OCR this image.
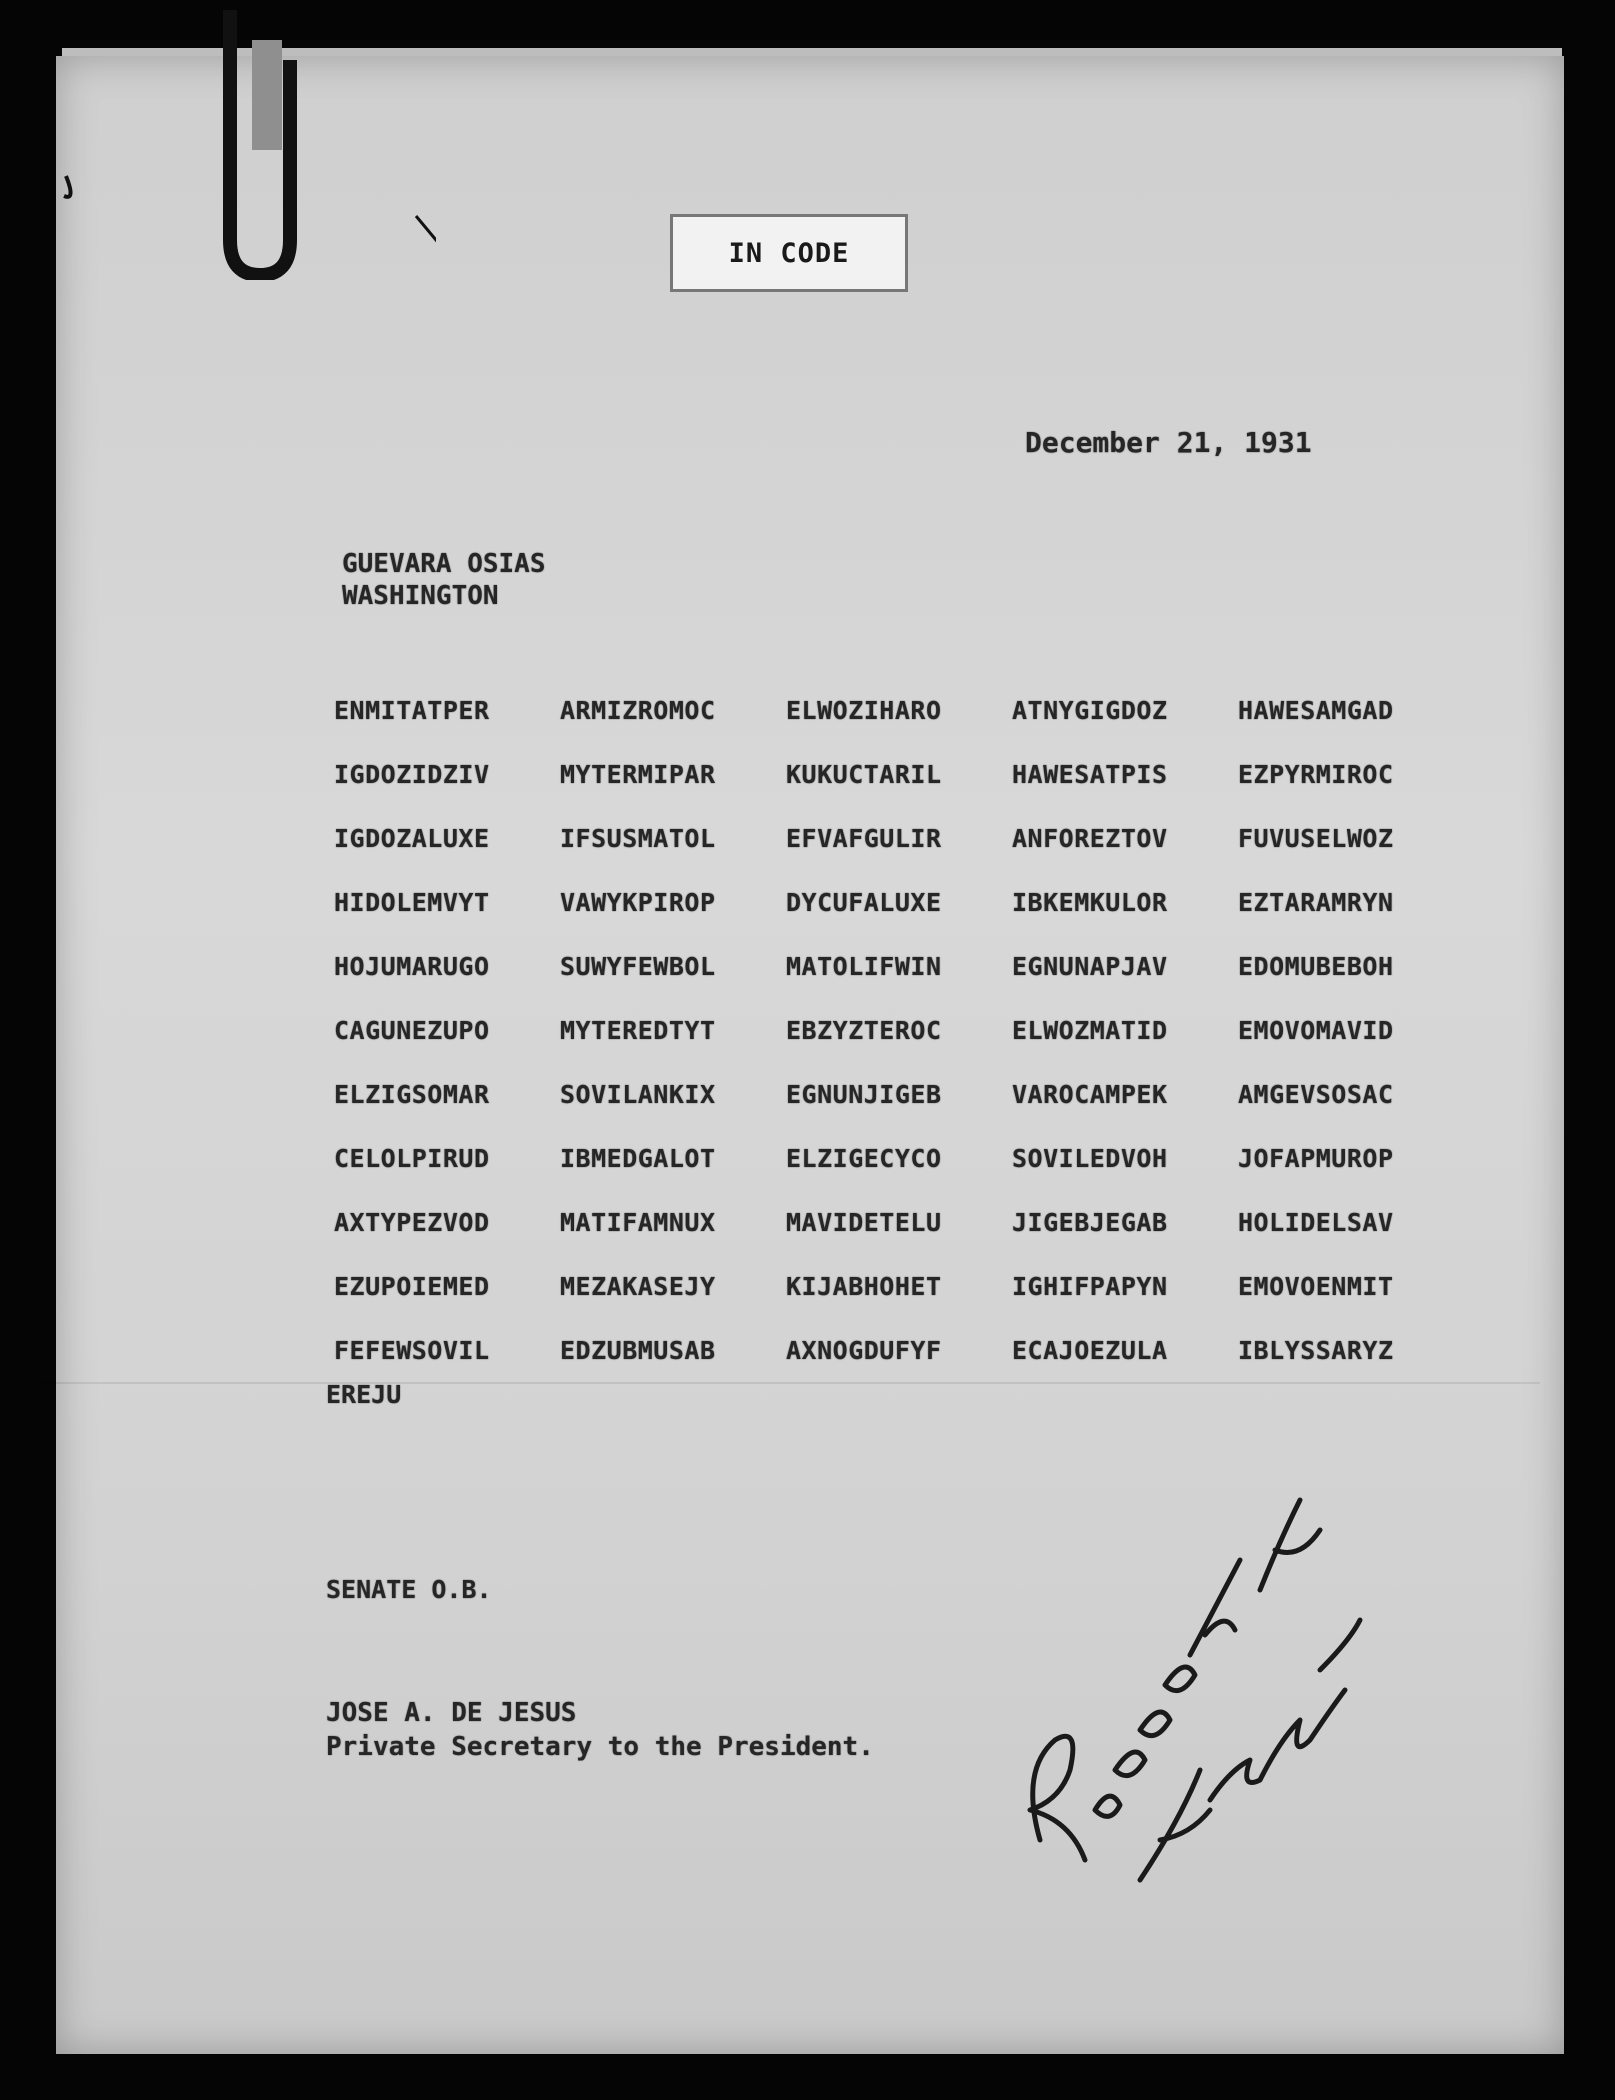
IN CODE
December 21, 1931
GUEVARA OSIAS
WASHINGTON
ENMITATPER	ARMIZROMOC	ELWOZIHARO	ATNYGIGDOZ	HAWESAMGAD
IGDOZIDZIV	MYTERMIPAR	KUKUCTARIL	HAWESATPIS	EZPYRMIROC
IGDOZALUXE	IFSUSMATOL	EFVAFGULIR	ANFOREZTOV	FUVUSELWOZ
HIDOLEMVYT	VAWYKPIROP	DYCUFALUXE	IBKEMKULOR	EZTARAMRYN
HOJUMARUGO	SUWYFEWBOL	MATOLIFWIN	EGNUNAPJAV	EDOMUBEBOH
CAGUNEZUPO	MYTEREDTYT	EBZYZTEROC	ELWOZMATID	EMOVOMAVID
ELZIGSOMAR	SOVILANKIX	EGNUNJIGEB	VAROCAMPEK	AMGEVSOSAC
CELOLPIRUD	IBMEDGALOT	ELZIGECYCO	SOVILEDVOH	JOFAPMUROP
AXTYPEZVOD	MATIFAMNUX	MAVIDETELU	JIGEBJEGAB	HOLIDELSAV
EZUPOIEMED	MEZAKASEJY	KIJABHOHET	IGHIFPAPYN	EMOVOENMIT
FEFEWSOVIL	EDZUBMUSAB	AXNOGDUFYF	ECAJOEZULA	IBLYSSARYZ
EREJU
SENATE O.B.
JOSE A. DE JESUS
Private Secretary to the President.
